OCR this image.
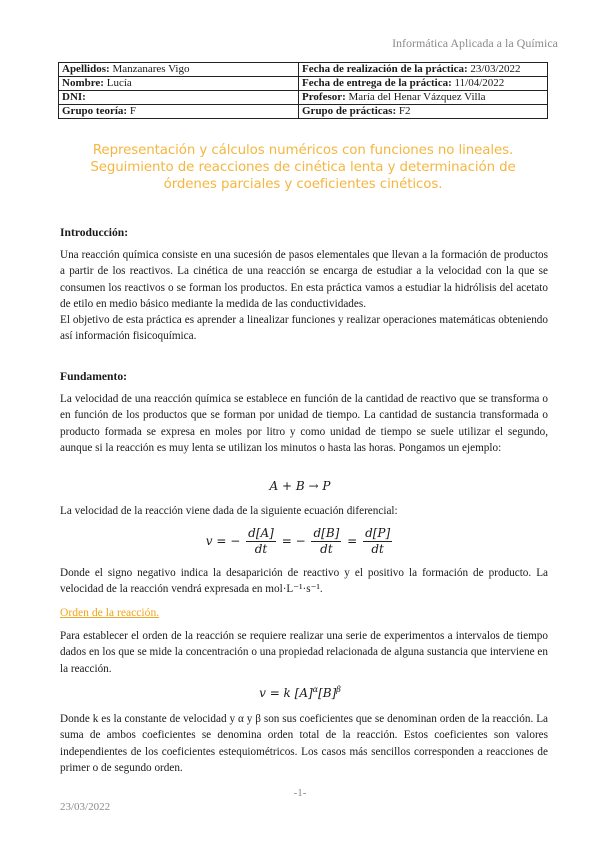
Informática Aplicada a la Química
Apellidos: Manzanares Vigo	Fecha de realización de la práctica: 23/03/2022
Nombre: Lucía	Fecha de entrega de la práctica: 11/04/2022
DNI:	Profesor: María del Henar Vázquez Villa
Grupo teoría: F	Grupo de prácticas: F2
Representación y cálculos numéricos con funciones no lineales.
Seguimiento de reacciones de cinética lenta y determinación de
órdenes parciales y coeficientes cinéticos.
Introducción:
Una reacción química consiste en una sucesión de pasos elementales que llevan a la formación de productos a partir de los reactivos. La cinética de una reacción se encarga de estudiar a la velocidad con la que se consumen los reactivos o se forman los productos. En esta práctica vamos a estudiar la hidrólisis del acetato de etilo en medio básico mediante la medida de las conductividades.
El objetivo de esta práctica es aprender a linealizar funciones y realizar operaciones matemáticas obteniendo así información fisicoquímica.
Fundamento:
La velocidad de una reacción química se establece en función de la cantidad de reactivo que se transforma o en función de los productos que se forman por unidad de tiempo. La cantidad de sustancia transformada o producto formada se expresa en moles por litro y como unidad de tiempo se suele utilizar el segundo, aunque si la reacción es muy lenta se utilizan los minutos o hasta las horas. Pongamos un ejemplo:
A + B → P
La velocidad de la reacción viene dada de la siguiente ecuación diferencial:
v = − $\frac{d[A]}{dt}$ = − $\frac{d[B]}{dt} = \frac{d[P]}{dt}$
Donde el signo negativo indica la desaparición de reactivo y el positivo la formación de producto. La velocidad de la reacción vendrá expresada en mol·L⁻¹·s⁻¹.
Orden de la reacción.
Para establecer el orden de la reacción se requiere realizar una serie de experimentos a intervalos de tiempo dados en los que se mide la concentración o una propiedad relacionada de alguna sustancia que interviene en la reacción.
v = k $[A]^\alpha[B]^\beta$
Donde k es la constante de velocidad y α y β son sus coeficientes que se denominan orden de la reacción. La suma de ambos coeficientes se denomina orden total de la reacción. Estos coeficientes son valores independientes de los coeficientes estequiométricos. Los casos más sencillos corresponden a reacciones de primer o de segundo orden.
-1-
23/03/2022
